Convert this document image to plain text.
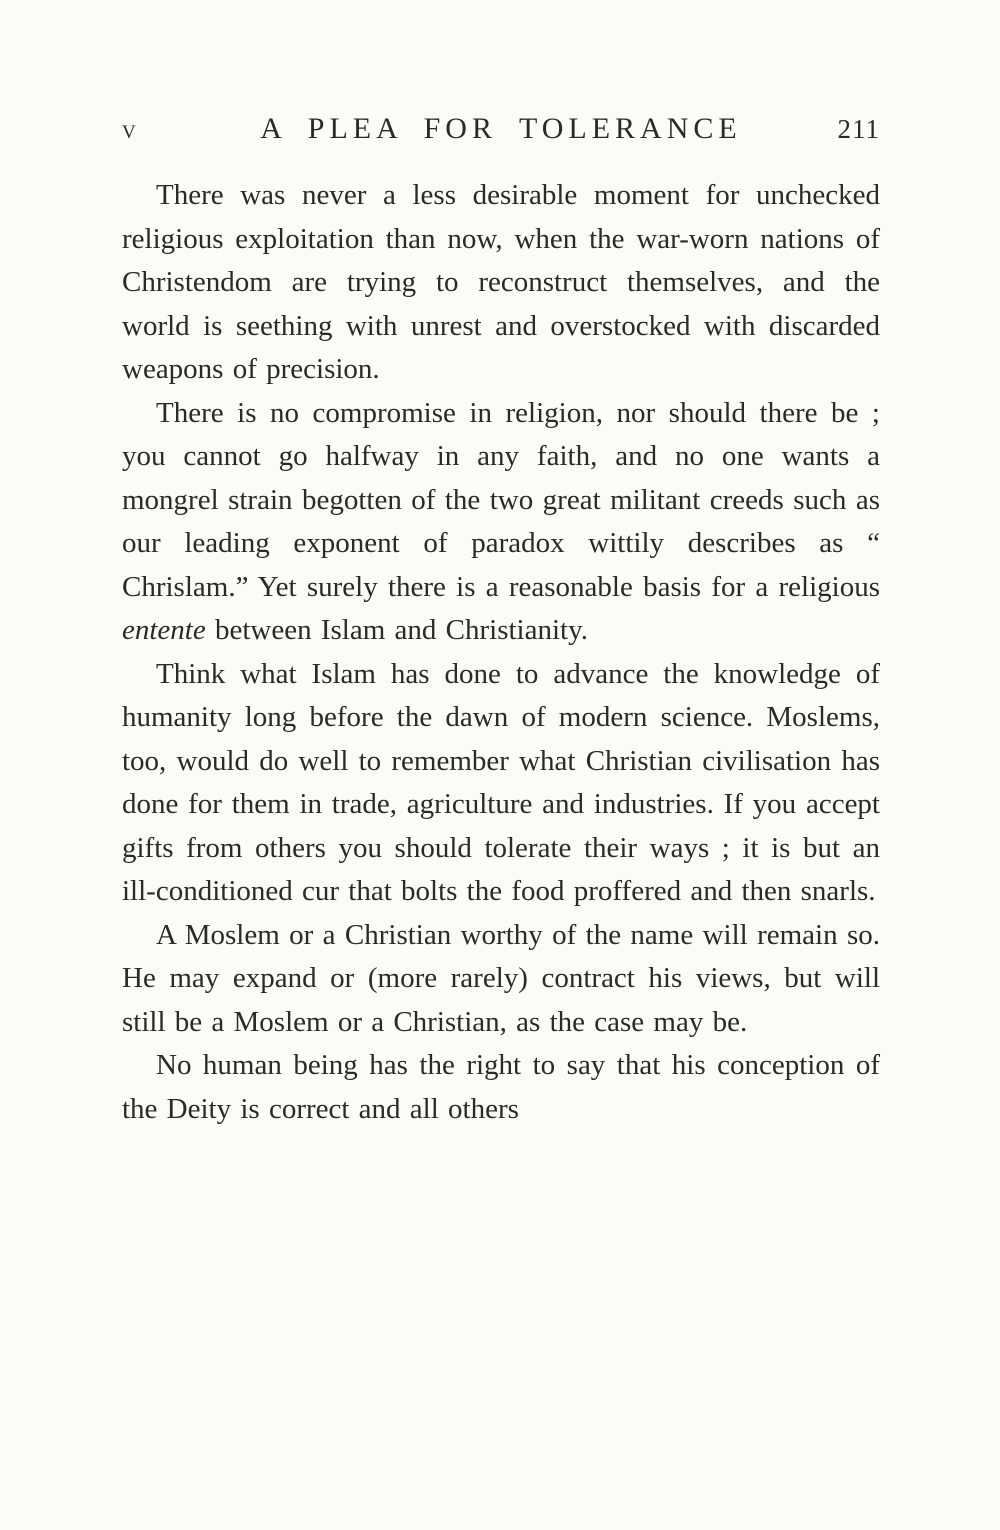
v	A PLEA FOR TOLERANCE	211

There was never a less desirable moment for unchecked religious exploitation than now, when the war-worn nations of Christendom are trying to reconstruct themselves, and the world is seething with unrest and overstocked with discarded weapons of precision.

There is no compromise in religion, nor should there be ; you cannot go halfway in any faith, and no one wants a mongrel strain begotten of the two great militant creeds such as our leading exponent of paradox wittily describes as “ Chrislam.” Yet surely there is a reasonable basis for a religious entente between Islam and Christianity.

Think what Islam has done to advance the knowledge of humanity long before the dawn of modern science. Moslems, too, would do well to remember what Christian civilisation has done for them in trade, agriculture and industries. If you accept gifts from others you should tolerate their ways ; it is but an ill-conditioned cur that bolts the food proffered and then snarls.

A Moslem or a Christian worthy of the name will remain so. He may expand or (more rarely) contract his views, but will still be a Moslem or a Christian, as the case may be.

No human being has the right to say that his conception of the Deity is correct and all others
